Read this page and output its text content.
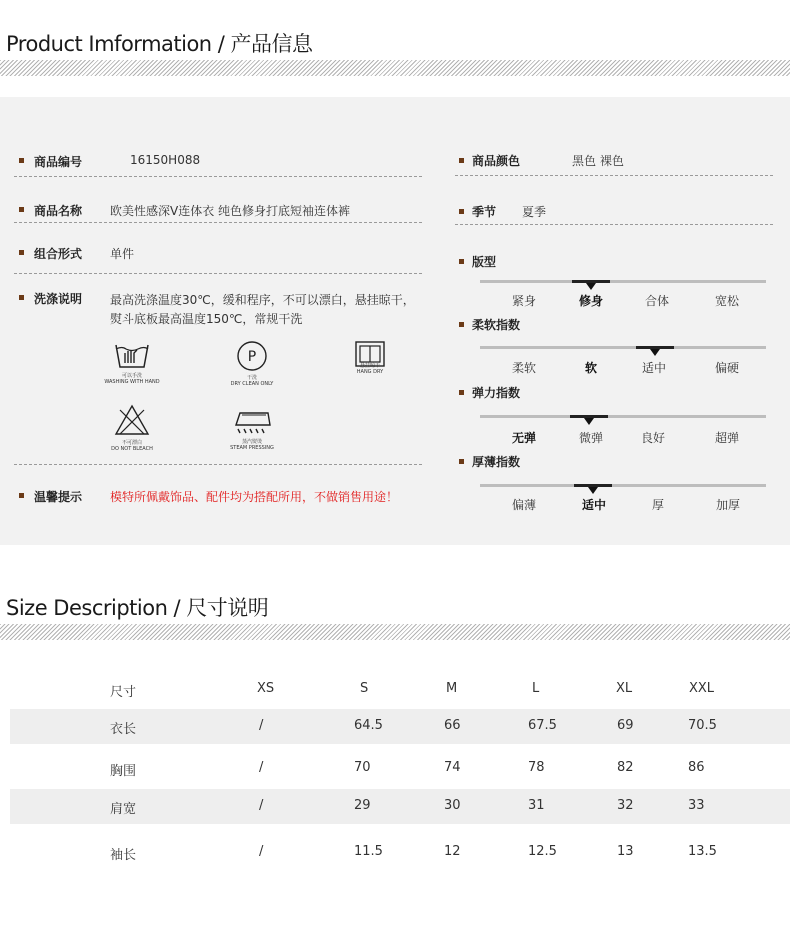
Product Imformation / 产品信息
商品编号	16150H088
商品名称 欧美性感深V连体衣 纯色修身打底短袖连体裤
组合形式 单件
洗涤说明 最高洗涤温度30℃，缓和程序，不可以漂白，悬挂晾干，
熨斗底板最高温度150℃，常规干洗
可以手洗
WASHING WITH HAND
P
干洗
DRY CLEAN ONLY
悬挂晾干
HANG DRY
不可漂白
DO NOT BLEACH
蒸汽熨烫
STEAM PRESSING
温馨提示 模特所佩戴饰品、配件均为搭配所用，不做销售用途！
商品颜色	黑色 裸色
季节 夏季
版型
紧身	修身	合体	宽松
柔软指数
柔软	软	适中	偏硬
弹力指数
无弹	微弹	良好	超弹
厚薄指数
偏薄	适中	厚	加厚
Size Description / 尺寸说明
尺寸	XS	S	M	L	XL	XXL
衣长	/	64.5	66	67.5	69	70.5
胸围	/	70	74	78	82	86
肩宽	/	29	30	31	32	33
袖长	/	11.5	12	12.5	13	13.5
